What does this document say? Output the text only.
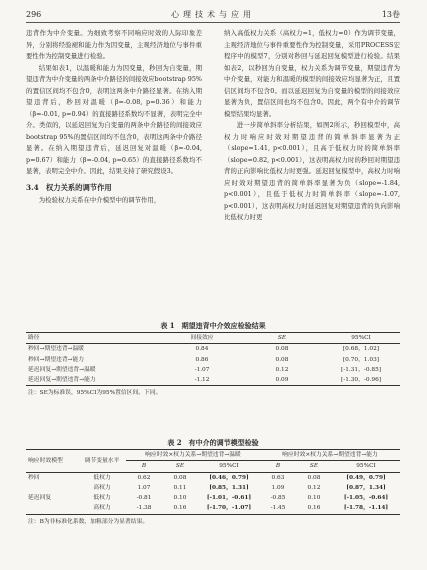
296	心理技术与应用	13卷

违背作为中介变量。为细致考察不同响应时效的人际印象差异，分别将经验褪和能力作为因变量，主观经济地位与事件重要性作为控制变量进行检验。

结果如表1，以温暖和能力为因变量，秒回为自变量，期望违背为中介变量的两条中介路径的间接效应bootstrap 95%的置信区间均不包含0，表明这两条中介路径显著。在纳入期望违背后，秒回对温暖（β=-0.08, p=0.36）和能力（β=-0.01, p=0.94）的直接路径系数均不显著，表明完全中介。类似的，以延迟回复为自变量的两条中介路径的间接效应bootstrap 95%的置信区间均不包含0，表明这两条中介路径显著。在纳入期望违背后，延迟回复对温暖（β=-0.04, p=0.67）和能力（β=-0.04, p=0.65）的直接路径系数均不显著，表明完全中介。因此，结果支持了研究假设3。

3.4　权力关系的调节作用

为检验权力关系在中介模型中的调节作用，

纳入高低权力关系（高权力=1，低权力=0）作为调节变量，主观经济地位与事件重要性作为控制变量，采用PROCESS宏程序中的模型7，分别对秒回与延迟回复模型进行检验。结果如表2，以秒回为自变量，权力关系为调节变量，期望违背为中介变量，对能力和温暖的模型的间接效应均显著为正，且置信区间均不包含0。而以延迟回复为自变量的模型的间接效应显著为负，置信区间也均不包含0。因此，两个有中介的调节模型结果均显著。

进一步简单斜率分析结果，如图2所示，秒回模型中，高权力时响应时效对期望违背的简单斜率显著为正（slope=1.41, p<0.001），且高于低权力时的简单斜率（slope=0.82, p<0.001），这表明高权力时的秒回对期望违背的正向影响比低权力时更强。延迟回复模型中，高权力时响应时效对期望违背的简单斜率显著为负（slope=-1.84, p<0.001），且低于低权力时简单斜率（slope=-1.07, p<0.001），这表明高权力时延迟回复对期望违背的负向影响比低权力时更

表 1　期望违背中介效应检验结果
路径	间接效应	SE	95%CI
秒回→期望违背→温暖	0.84	0.08	[0.68，1.02]
秒回→期望违背→能力	0.86	0.08	[0.70，1.03]
延迟回复→期望违背→温暖	-1.07	0.12	[-1.31，-0.85]
延迟回复→期望违背→能力	-1.12	0.09	[-1.30，-0.96]
注：SE为标准误，95%CI为95%置信区间。下同。
表 2　有中介的调节模型检验
响应时效模型	调节变量水平	响应时效×权力关系→期望违背→温暖			响应时效×权力关系→期望违背→能力		
		B	SE	95%CI	B	SE	95%CI
秒回	低权力	0.62	0.08	[0.46，0.79]	0.63	0.08	[0.49，0.79]
	高权力	1.07	0.11	[0.85，1.31]	1.09	0.12	[0.87，1.34]
延迟回复	低权力	-0.81	0.10	[-1.01，-0.61]	-0.85	0.10	[-1.05，-0.64]
	高权力	-1.38	0.16	[-1.70，-1.07]	-1.45	0.16	[-1.78，-1.14]
注：B为非标准化系数，加粗部分为显著结果。
